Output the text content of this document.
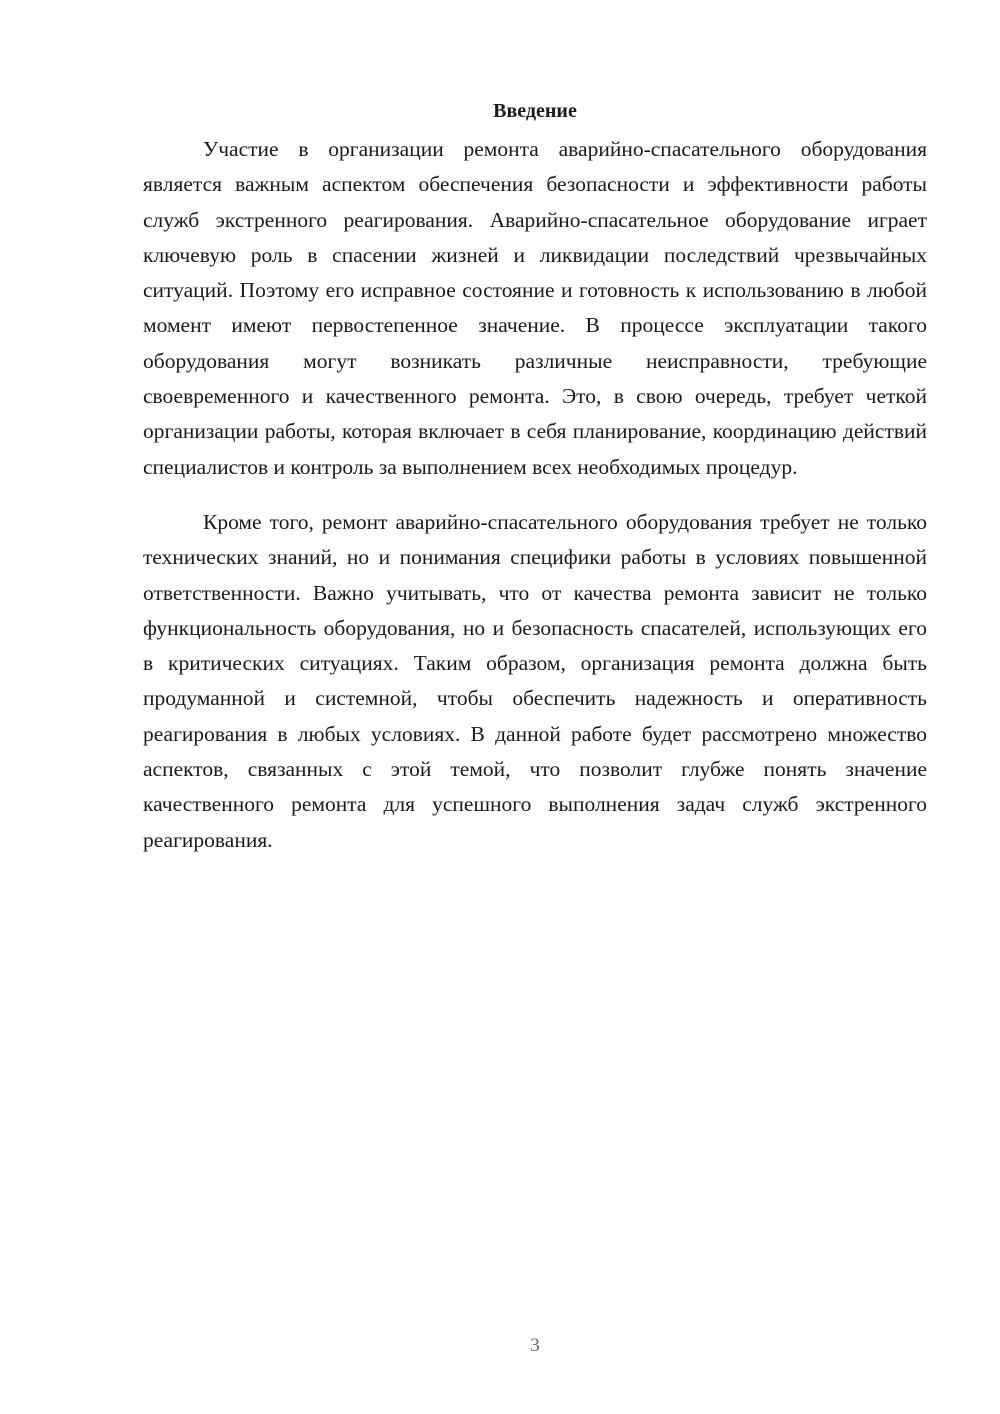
Введение

Участие в организации ремонта аварийно-спасательного оборудования является важным аспектом обеспечения безопасности и эффективности работы служб экстренного реагирования. Аварийно-спасательное оборудование играет ключевую роль в спасении жизней и ликвидации последствий чрезвычайных ситуаций. Поэтому его исправное состояние и готовность к использованию в любой момент имеют первостепенное значение. В процессе эксплуатации такого оборудования могут возникать различные неисправности, требующие своевременного и качественного ремонта. Это, в свою очередь, требует четкой организации работы, которая включает в себя планирование, координацию действий специалистов и контроль за выполнением всех необходимых процедур.

Кроме того, ремонт аварийно-спасательного оборудования требует не только технических знаний, но и понимания специфики работы в условиях повышенной ответственности. Важно учитывать, что от качества ремонта зависит не только функциональность оборудования, но и безопасность спасателей, использующих его в критических ситуациях. Таким образом, организация ремонта должна быть продуманной и системной, чтобы обеспечить надежность и оперативность реагирования в любых условиях. В данной работе будет рассмотрено множество аспектов, связанных с этой темой, что позволит глубже понять значение качественного ремонта для успешного выполнения задач служб экстренного реагирования.

3
